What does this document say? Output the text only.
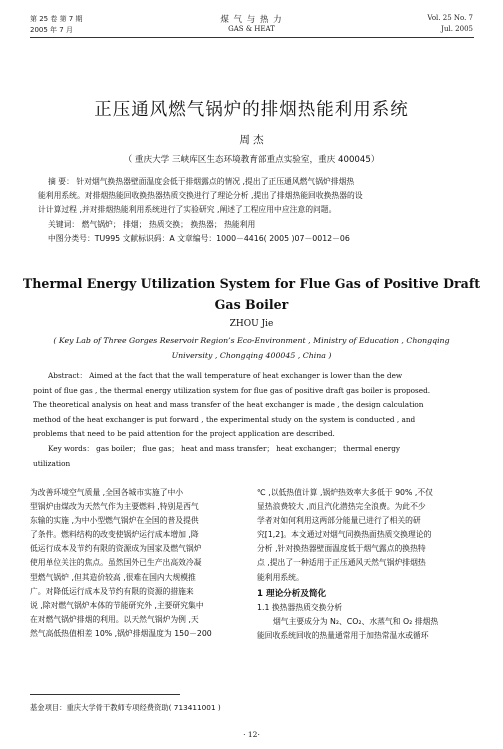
第 25 卷 第 7 期
2005 年 7 月
煤 气 与 热 力
GAS & HEAT
Vol. 25 No. 7
Jul. 2005
正压通风燃气锅炉的排烟热能利用系统
周 杰
（ 重庆大学 三峡库区生态环境教育部重点实验室，重庆 400045）
摘 要： 针对烟气换热器壁面温度会低于排烟露点的情况 ,提出了正压通风燃气锅炉排烟热
能利用系统。对排烟热能回收换热器热质交换进行了理论分析 ,提出了排烟热能回收换热器的设
计计算过程 ,并对排烟热能利用系统进行了实验研究 ,阐述了工程应用中应注意的问题。
关键词： 燃气锅炉； 排烟； 热质交换； 换热器； 热能利用
中图分类号：TU995 文献标识码：A 文章编号：1000－4416( 2005 )07－0012－06
Thermal Energy Utilization System for Flue Gas of Positive Draft
Gas Boiler
ZHOU Jie
( Key Lab of Three Gorges Reservoir Region’s Eco-Environment , Ministry of Education , Chongqing
University , Chongqing 400045 , China )
Abstract： Aimed at the fact that the wall temperature of heat exchanger is lower than the dew
point of flue gas , the thermal energy utilization system for flue gas of positive draft gas boiler is proposed.
The theoretical analysis on heat and mass transfer of the heat exchanger is made , the design calculation
method of the heat exchanger is put forward , the experimental study on the system is conducted , and
problems that need to be paid attention for the project application are described.
Key words： gas boiler； flue gas； heat and mass transfer； heat exchanger； thermal energy
utilization
为改善环境空气质量 ,全国各城市实施了中小
型锅炉由煤改为天然气作为主要燃料 ,特别是西气
东输的实施 ,为中小型燃气锅炉在全国的普及提供
了条件。燃料结构的改变使锅炉运行成本增加 ,降
低运行成本及节约有限的资源成为国家及燃气锅炉
使用单位关注的焦点。虽然国外已生产出高效冷凝
型燃气锅炉 ,但其造价较高 ,很难在国内大规模推
广。对降低运行成本及节约有限的资源的措施来
说 ,除对燃气锅炉本体的节能研究外 ,主要研究集中
在对燃气锅炉排烟的利用。以天然气锅炉为例 ,天
然气高低热值相差 10% ,锅炉排烟温度为 150－200
℃ ,以低热值计算 ,锅炉热效率大多低于 90% ,不仅
显热浪费较大 ,而且汽化潜热完全浪费。为此不少
学者对如何利用这两部分能量已进行了相关的研
究[1,2]。本文通过对烟气同换热面热质交换理论的
分析 ,针对换热器壁面温度低于烟气露点的换热特
点 ,提出了一种适用于正压通风天然气锅炉排烟热
能利用系统。
1 理论分析及简化
1.1 换热器热质交换分析
烟气主要成分为 N₂、CO₂、水蒸气和 O₂ 排烟热
能回收系统回收的热量通常用于加热常温水或循环
基金项目：重庆大学骨干教师专项经费资助( 713411001 )
· 12·
